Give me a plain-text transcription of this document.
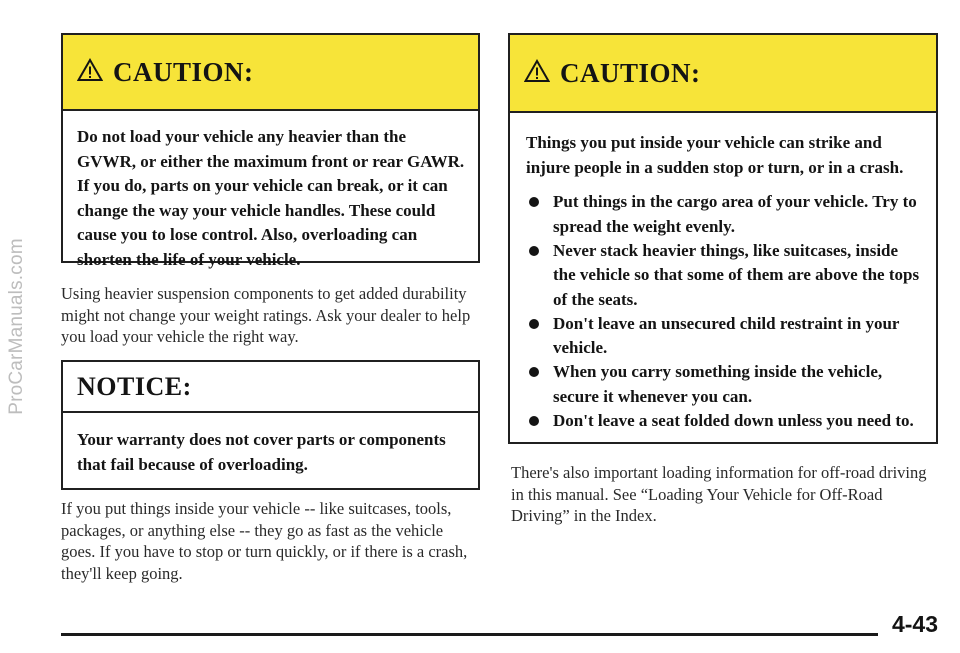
ProCarManuals.com
CAUTION:
Do not load your vehicle any heavier than the GVWR, or either the maximum front or rear GAWR. If you do, parts on your vehicle can break, or it can change the way your vehicle handles. These could cause you to lose control. Also, overloading can shorten the life of your vehicle.
Using heavier suspension components to get added durability might not change your weight ratings. Ask your dealer to help you load your vehicle the right way.
NOTICE:
Your warranty does not cover parts or components that fail because of overloading.
If you put things inside your vehicle -- like suitcases, tools, packages, or anything else -- they go as fast as the vehicle goes. If you have to stop or turn quickly, or if there is a crash, they'll keep going.
CAUTION:
Things you put inside your vehicle can strike and injure people in a sudden stop or turn, or in a crash.
Put things in the cargo area of your vehicle. Try to spread the weight evenly.
Never stack heavier things, like suitcases, inside the vehicle so that some of them are above the tops of the seats.
Don't leave an unsecured child restraint in your vehicle.
When you carry something inside the vehicle, secure it whenever you can.
Don't leave a seat folded down unless you need to.
There's also important loading information for off-road driving in this manual. See “Loading Your Vehicle for Off-Road Driving” in the Index.
4-43
